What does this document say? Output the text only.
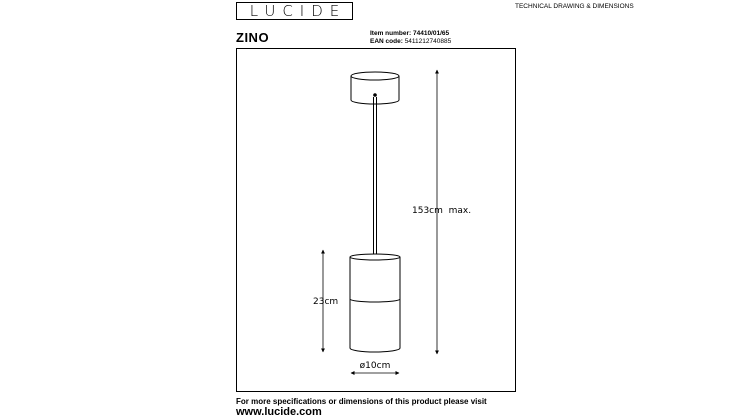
LUCIDE	TECHNICAL DRAWING & DIMENSIONS
ZINO	Item number: 74410/01/65
EAN code: 5411212740885
153cm  max.
23cm
ø10cm
For more specifications or dimensions of this product please visit
www.lucide.com
